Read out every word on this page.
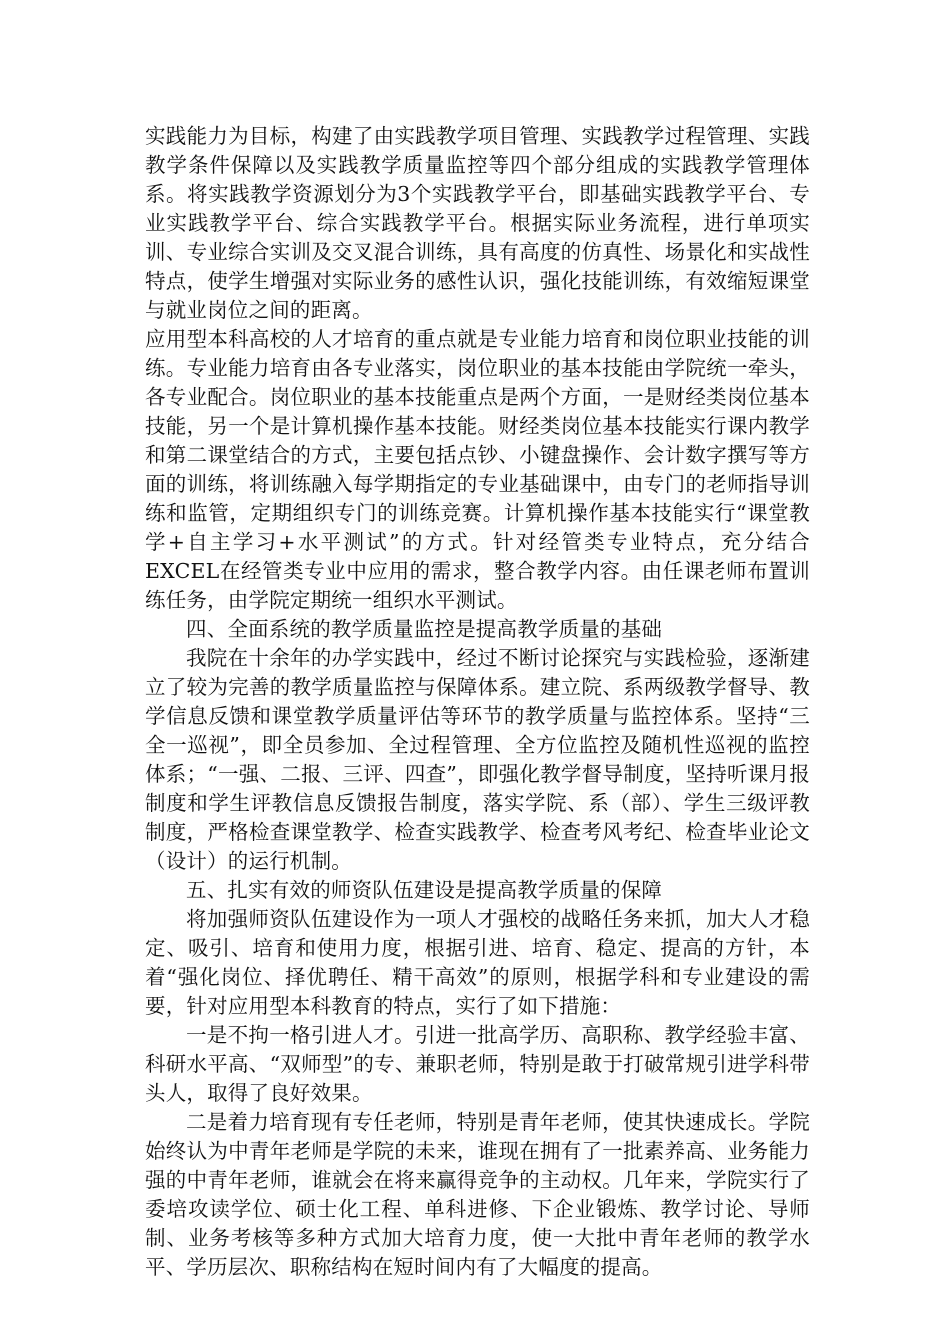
实践能力为目标，构建了由实践教学项目管理、实践教学过程管理、实践教学条件保障以及实践教学质量监控等四个部分组成的实践教学管理体系。将实践教学资源划分为3个实践教学平台，即基础实践教学平台、专业实践教学平台、综合实践教学平台。根据实际业务流程，进行单项实训、专业综合实训及交叉混合训练，具有高度的仿真性、场景化和实战性特点，使学生增强对实际业务的感性认识，强化技能训练，有效缩短课堂与就业岗位之间的距离。

应用型本科高校的人才培育的重点就是专业能力培育和岗位职业技能的训练。专业能力培育由各专业落实，岗位职业的基本技能由学院统一牵头，各专业配合。岗位职业的基本技能重点是两个方面，一是财经类岗位基本技能，另一个是计算机操作基本技能。财经类岗位基本技能实行课内教学和第二课堂结合的方式，主要包括点钞、小键盘操作、会计数字撰写等方面的训练，将训练融入每学期指定的专业基础课中，由专门的老师指导训练和监管，定期组织专门的训练竞赛。计算机操作基本技能实行“课堂教学+自主学习+水平测试”的方式。针对经管类专业特点，充分结合EXCEL在经管类专业中应用的需求，整合教学内容。由任课老师布置训练任务，由学院定期统一组织水平测试。

四、全面系统的教学质量监控是提高教学质量的基础

我院在十余年的办学实践中，经过不断讨论探究与实践检验，逐渐建立了较为完善的教学质量监控与保障体系。建立院、系两级教学督导、教学信息反馈和课堂教学质量评估等环节的教学质量与监控体系。坚持“三全一巡视”，即全员参加、全过程管理、全方位监控及随机性巡视的监控体系；“一强、二报、三评、四查”，即强化教学督导制度，坚持听课月报制度和学生评教信息反馈报告制度，落实学院、系（部）、学生三级评教制度，严格检查课堂教学、检查实践教学、检查考风考纪、检查毕业论文（设计）的运行机制。

五、扎实有效的师资队伍建设是提高教学质量的保障

将加强师资队伍建设作为一项人才强校的战略任务来抓，加大人才稳定、吸引、培育和使用力度，根据引进、培育、稳定、提高的方针，本着“强化岗位、择优聘任、精干高效”的原则，根据学科和专业建设的需要，针对应用型本科教育的特点，实行了如下措施：

一是不拘一格引进人才。引进一批高学历、高职称、教学经验丰富、科研水平高、“双师型”的专、兼职老师，特别是敢于打破常规引进学科带头人，取得了良好效果。

二是着力培育现有专任老师，特别是青年老师，使其快速成长。学院始终认为中青年老师是学院的未来，谁现在拥有了一批素养高、业务能力强的中青年老师，谁就会在将来赢得竞争的主动权。几年来，学院实行了委培攻读学位、硕士化工程、单科进修、下企业锻炼、教学讨论、导师制、业务考核等多种方式加大培育力度，使一大批中青年老师的教学水平、学历层次、职称结构在短时间内有了大幅度的提高。
